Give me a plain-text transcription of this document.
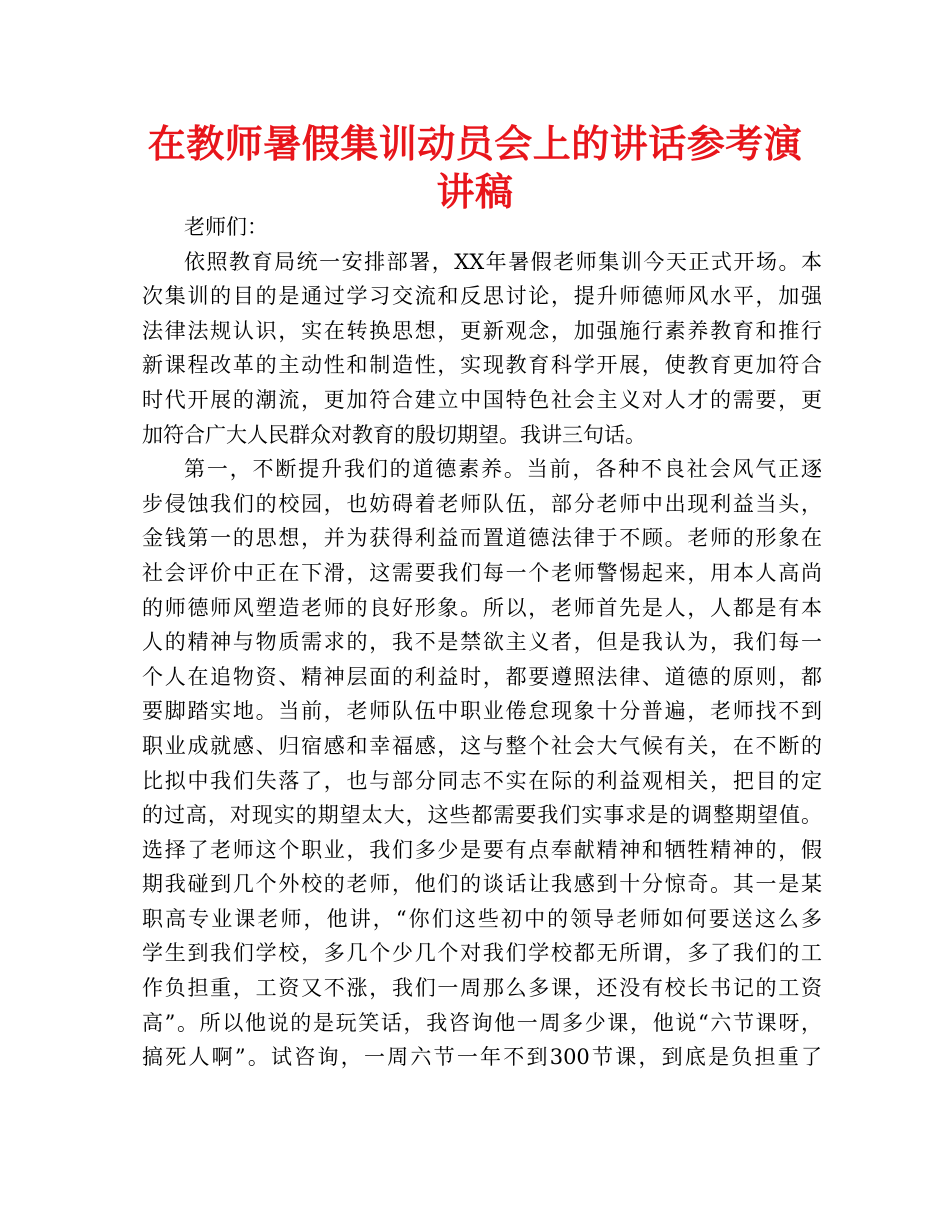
在教师暑假集训动员会上的讲话参考演讲稿
老师们：
依照教育局统一安排部署，XX年暑假老师集训今天正式开场。本
次集训的目的是通过学习交流和反思讨论，提升师德师风水平，加强
法律法规认识，实在转换思想，更新观念，加强施行素养教育和推行
新课程改革的主动性和制造性，实现教育科学开展，使教育更加符合
时代开展的潮流，更加符合建立中国特色社会主义对人才的需要，更
加符合广大人民群众对教育的殷切期望。我讲三句话。
第一，不断提升我们的道德素养。当前，各种不良社会风气正逐
步侵蚀我们的校园，也妨碍着老师队伍，部分老师中出现利益当头，
金钱第一的思想，并为获得利益而置道德法律于不顾。老师的形象在
社会评价中正在下滑，这需要我们每一个老师警惕起来，用本人高尚
的师德师风塑造老师的良好形象。所以，老师首先是人，人都是有本
人的精神与物质需求的，我不是禁欲主义者，但是我认为，我们每一
个人在追物资、精神层面的利益时，都要遵照法律、道德的原则，都
要脚踏实地。当前，老师队伍中职业倦怠现象十分普遍，老师找不到
职业成就感、归宿感和幸福感，这与整个社会大气候有关，在不断的
比拟中我们失落了，也与部分同志不实在际的利益观相关，把目的定
的过高，对现实的期望太大，这些都需要我们实事求是的调整期望值。
选择了老师这个职业，我们多少是要有点奉献精神和牺牲精神的，假
期我碰到几个外校的老师，他们的谈话让我感到十分惊奇。其一是某
职高专业课老师，他讲，“你们这些初中的领导老师如何要送这么多
学生到我们学校，多几个少几个对我们学校都无所谓，多了我们的工
作负担重，工资又不涨，我们一周那么多课，还没有校长书记的工资
高”。所以他说的是玩笑话，我咨询他一周多少课，他说“六节课呀，
搞死人啊”。试咨询，一周六节一年不到300节课，到底是负担重了
